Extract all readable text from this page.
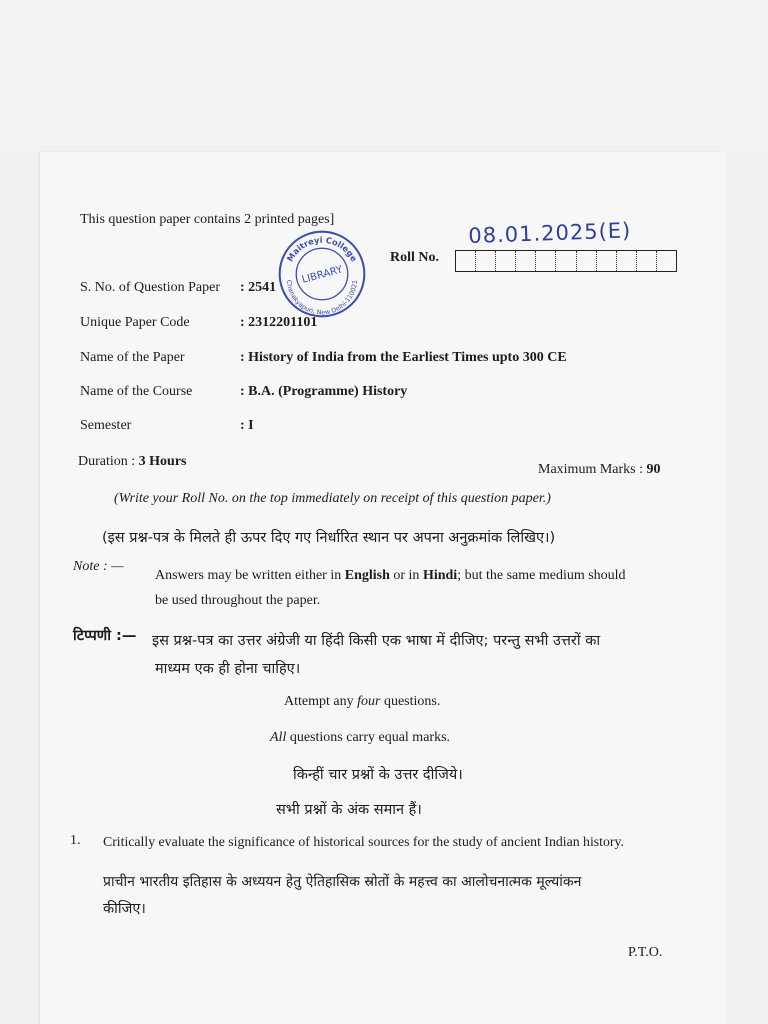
This question paper contains 2 printed pages]	08.01.2025(E)
Roll No.
Maitreyi College
Chanakyapuri, New Delhi-110021
LIBRARY
S. No. of Question Paper : 2541
Unique Paper Code	: 2312201101
Name of the Paper	: History of India from the Earliest Times upto 300 CE
Name of the Course	: B.A. (Programme) History
Semester	: I
Duration : 3 Hours
Maximum Marks : 90
(Write your Roll No. on the top immediately on receipt of this question paper.)
(इस प्रश्न-पत्र के मिलते ही ऊपर दिए गए निर्धारित स्थान पर अपना अनुक्रमांक लिखिए।)
Note : —
Answers may be written either in English or in Hindi; but the same medium should
be used throughout the paper.
टिप्पणी :— इस प्रश्न-पत्र का उत्तर अंग्रेजी या हिंदी किसी एक भाषा में दीजिए; परन्तु सभी उत्तरों का
माध्यम एक ही होना चाहिए।
Attempt any four questions.
All questions carry equal marks.
किन्हीं चार प्रश्नों के उत्तर दीजिये।
सभी प्रश्नों के अंक समान हैं।
1. Critically evaluate the significance of historical sources for the study of ancient Indian history.
प्राचीन भारतीय इतिहास के अध्ययन हेतु ऐतिहासिक स्रोतों के महत्त्व का आलोचनात्मक मूल्यांकन
कीजिए।
P.T.O.
